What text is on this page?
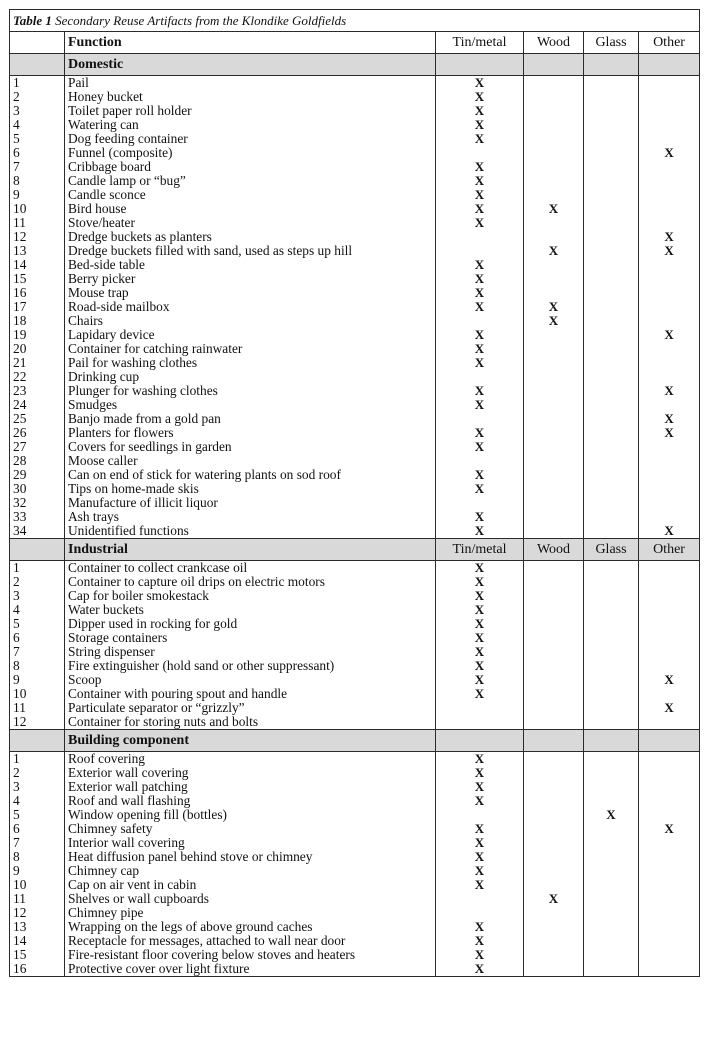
Table 1 Secondary Reuse Artifacts from the Klondike Goldfields					
	Function	Tin/metal	Wood	Glass	Other
	Domestic				
1	Pail	X			
2	Honey bucket	X			
3	Toilet paper roll holder	X			
4	Watering can	X			
5	Dog feeding container	X			
6	Funnel (composite)				X
7	Cribbage board	X			
8	Candle lamp or “bug”	X			
9	Candle sconce	X			
10	Bird house	X	X		
11	Stove/heater	X			
12	Dredge buckets as planters				X
13	Dredge buckets filled with sand, used as steps up hill		X		X
14	Bed-side table	X			
15	Berry picker	X			
16	Mouse trap	X			
17	Road-side mailbox	X	X		
18	Chairs		X		
19	Lapidary device	X			X
20	Container for catching rainwater	X			
21	Pail for washing clothes	X			
22	Drinking cup				
23	Plunger for washing clothes	X			X
24	Smudges	X			
25	Banjo made from a gold pan				X
26	Planters for flowers	X			X
27	Covers for seedlings in garden	X			
28	Moose caller				
29	Can on end of stick for watering plants on sod roof	X			
30	Tips on home-made skis	X			
32	Manufacture of illicit liquor				
33	Ash trays	X			
34	Unidentified functions	X			X
	Industrial	Tin/metal	Wood	Glass	Other
1	Container to collect crankcase oil	X			
2	Container to capture oil drips on electric motors	X			
3	Cap for boiler smokestack	X			
4	Water buckets	X			
5	Dipper used in rocking for gold	X			
6	Storage containers	X			
7	String dispenser	X			
8	Fire extinguisher (hold sand or other suppressant)	X			
9	Scoop	X			X
10	Container with pouring spout and handle	X			
11	Particulate separator or “grizzly”				X
12	Container for storing nuts and bolts				
	Building component				
1	Roof covering	X			
2	Exterior wall covering	X			
3	Exterior wall patching	X			
4	Roof and wall flashing	X			
5	Window opening fill (bottles)			X	
6	Chimney safety	X			X
7	Interior wall covering	X			
8	Heat diffusion panel behind stove or chimney	X			
9	Chimney cap	X			
10	Cap on air vent in cabin	X			
11	Shelves or wall cupboards		X		
12	Chimney pipe				
13	Wrapping on the legs of above ground caches	X			
14	Receptacle for messages, attached to wall near door	X			
15	Fire-resistant floor covering below stoves and heaters	X			
16	Protective cover over light fixture	X			
